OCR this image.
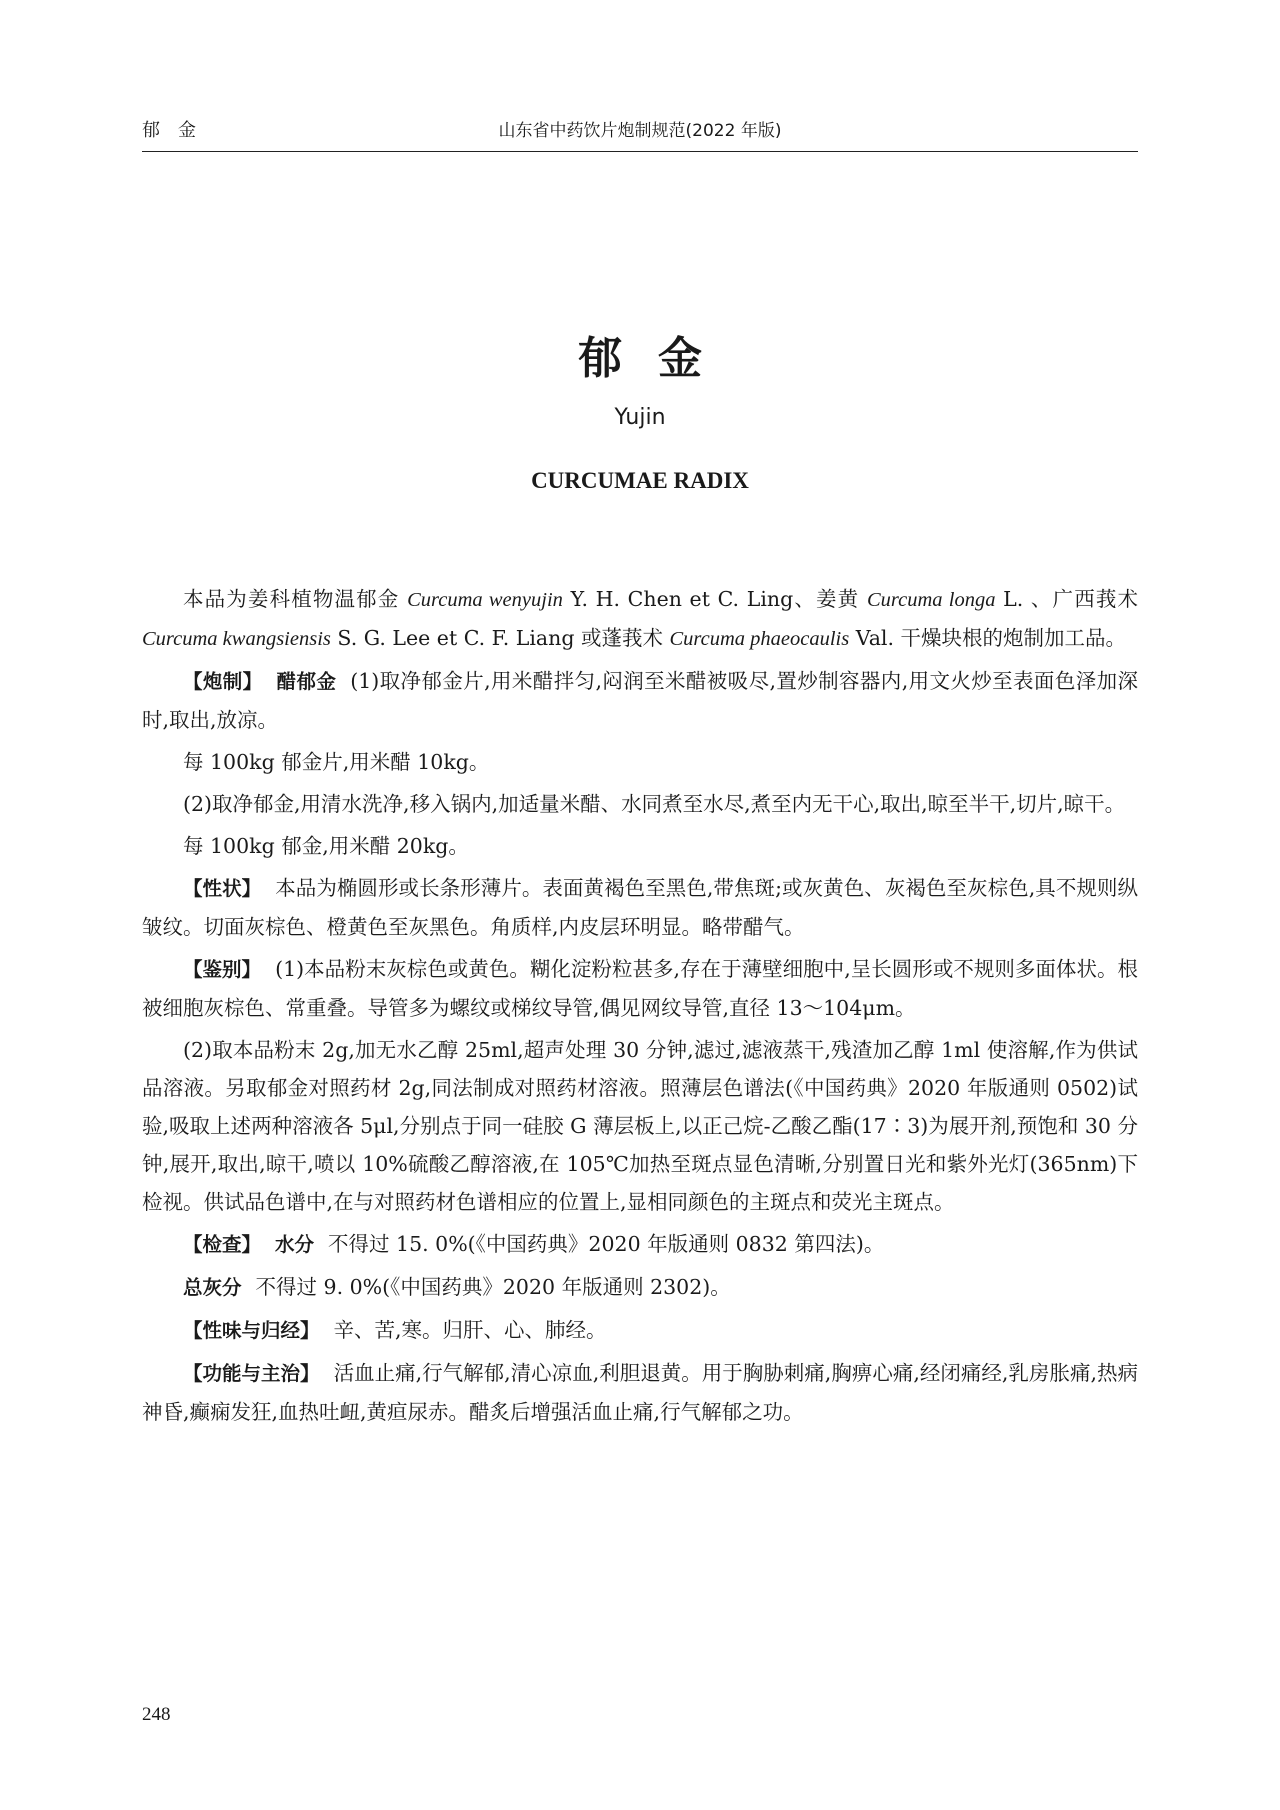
郁金	山东省中药饮片炮制规范(2022 年版)
郁金
Yujin
CURCUMAE RADIX

本品为姜科植物温郁金 Curcuma wenyujin Y. H. Chen et C. Ling、姜黄 Curcuma longa L. 、广西莪术 Curcuma kwangsiensis S. G. Lee et C. F. Liang 或蓬莪术 Curcuma phaeocaulis Val. 干燥块根的炮制加工品。

【炮制】 醋郁金 (1)取净郁金片,用米醋拌匀,闷润至米醋被吸尽,置炒制容器内,用文火炒至表面色泽加深时,取出,放凉。

每 100kg 郁金片,用米醋 10kg。

(2)取净郁金,用清水洗净,移入锅内,加适量米醋、水同煮至水尽,煮至内无干心,取出,晾至半干,切片,晾干。

每 100kg 郁金,用米醋 20kg。

【性状】 本品为椭圆形或长条形薄片。表面黄褐色至黑色,带焦斑;或灰黄色、灰褐色至灰棕色,具不规则纵皱纹。切面灰棕色、橙黄色至灰黑色。角质样,内皮层环明显。略带醋气。

【鉴别】 (1)本品粉末灰棕色或黄色。糊化淀粉粒甚多,存在于薄壁细胞中,呈长圆形或不规则多面体状。根被细胞灰棕色、常重叠。导管多为螺纹或梯纹导管,偶见网纹导管,直径 13～104μm。

(2)取本品粉末 2g,加无水乙醇 25ml,超声处理 30 分钟,滤过,滤液蒸干,残渣加乙醇 1ml 使溶解,作为供试品溶液。另取郁金对照药材 2g,同法制成对照药材溶液。照薄层色谱法(《中国药典》2020 年版通则 0502)试验,吸取上述两种溶液各 5μl,分别点于同一硅胶 G 薄层板上,以正己烷-乙酸乙酯(17∶3)为展开剂,预饱和 30 分钟,展开,取出,晾干,喷以 10%硫酸乙醇溶液,在 105℃加热至斑点显色清晰,分别置日光和紫外光灯(365nm)下检视。供试品色谱中,在与对照药材色谱相应的位置上,显相同颜色的主斑点和荧光主斑点。

【检查】 水分 不得过 15. 0%(《中国药典》2020 年版通则 0832 第四法)。

总灰分 不得过 9. 0%(《中国药典》2020 年版通则 2302)。

【性味与归经】 辛、苦,寒。归肝、心、肺经。

【功能与主治】 活血止痛,行气解郁,清心凉血,利胆退黄。用于胸胁刺痛,胸痹心痛,经闭痛经,乳房胀痛,热病神昏,癫痫发狂,血热吐衄,黄疸尿赤。醋炙后增强活血止痛,行气解郁之功。

248
